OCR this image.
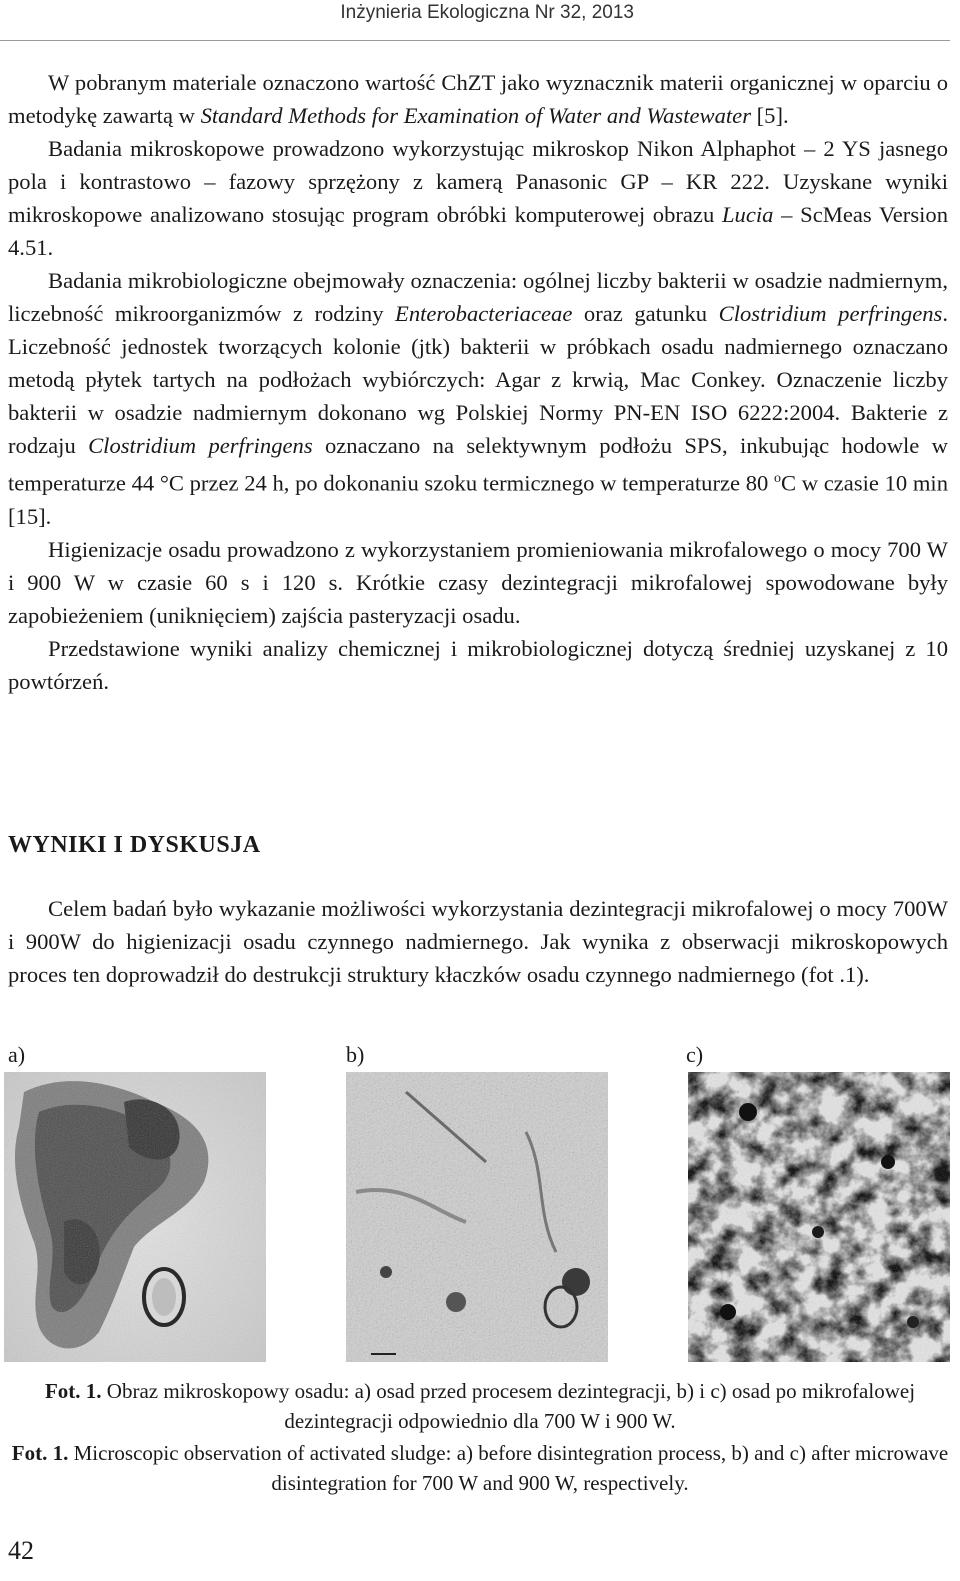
Inżynieria Ekologiczna Nr 32, 2013

W pobranym materiale oznaczono wartość ChZT jako wyznacznik materii organicznej w oparciu o metodykę zawartą w Standard Methods for Examination of Water and Wastewater [5].

Badania mikroskopowe prowadzono wykorzystując mikroskop Nikon Alphaphot – 2 YS jasnego pola i kontrastowo – fazowy sprzężony z kamerą Panasonic GP – KR 222. Uzyskane wyniki mikroskopowe analizowano stosując program obróbki komputerowej obrazu Lucia – ScMeas Version 4.51.

Badania mikrobiologiczne obejmowały oznaczenia: ogólnej liczby bakterii w osadzie nadmiernym, liczebność mikroorganizmów z rodziny Enterobacteriaceae oraz gatunku Clostridium perfringens. Liczebność jednostek tworzących kolonie (jtk) bakterii w próbkach osadu nadmiernego oznaczano metodą płytek tartych na podłożach wybiórczych: Agar z krwią, Mac Conkey. Oznaczenie liczby bakterii w osadzie nadmiernym dokonano wg Polskiej Normy PN-EN ISO 6222:2004. Bakterie z rodzaju Clostridium perfringens oznaczano na selektywnym podłożu SPS, inkubując hodowle w temperaturze 44 °C przez 24 h, po dokonaniu szoku termicznego w temperaturze 80 $^o$C w czasie 10 min [15].

Higienizacje osadu prowadzono z wykorzystaniem promieniowania mikrofalowego o mocy 700 W i 900 W w czasie 60 s i 120 s. Krótkie czasy dezintegracji mikrofalowej spowodowane były zapobieżeniem (uniknięciem) zajścia pasteryzacji osadu.

Przedstawione wyniki analizy chemicznej i mikrobiologicznej dotyczą średniej uzyskanej z 10 powtórzeń.

WYNIKI I DYSKUSJA

Celem badań było wykazanie możliwości wykorzystania dezintegracji mikrofalowej o mocy 700W i 900W do higienizacji osadu czynnego nadmiernego. Jak wynika z obserwacji mikroskopowych proces ten doprowadził do destrukcji struktury kłaczków osadu czynnego nadmiernego (fot .1).

a)	b)	c)
Fot. 1. Obraz mikroskopowy osadu: a) osad przed procesem dezintegracji, b) i c) osad po mikrofalowej dezintegracji odpowiednio dla 700 W i 900 W.
Fot. 1. Microscopic observation of activated sludge: a) before disintegration process, b) and c) after microwave disintegration for 700 W and 900 W, respectively.
42
